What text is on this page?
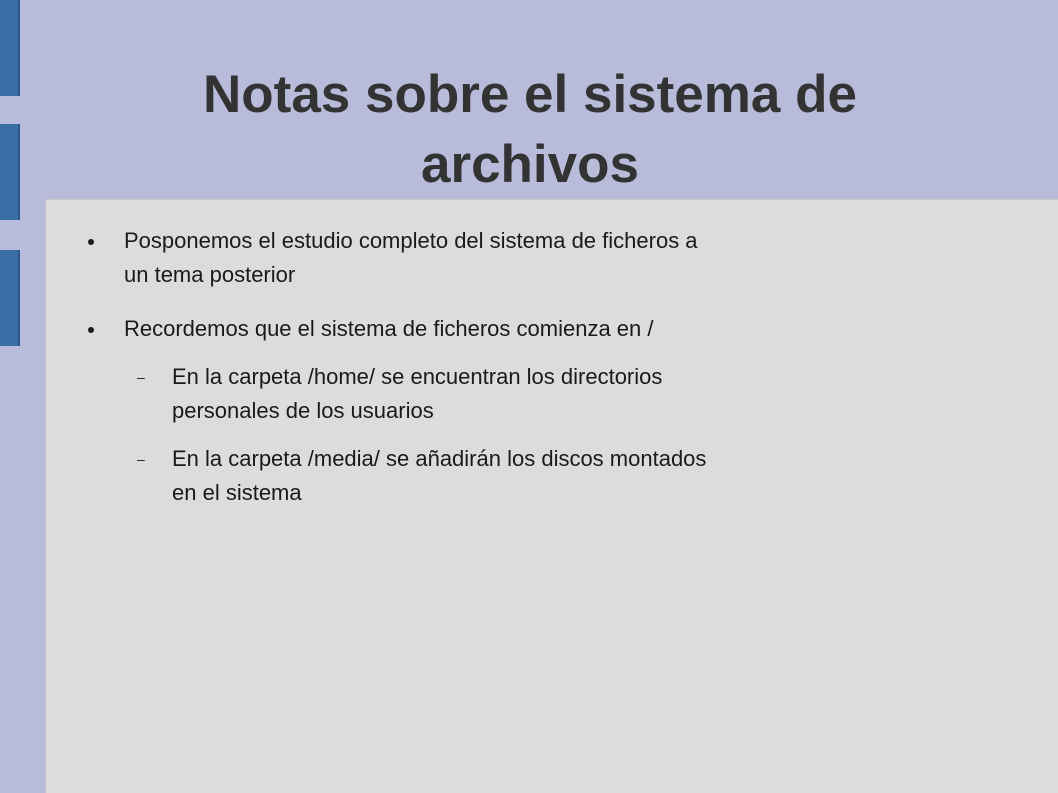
Notas sobre el sistema de
archivos
Posponemos el estudio completo del sistema de ficheros a
un tema posterior
Recordemos que el sistema de ficheros comienza en /
– En la carpeta /home/ se encuentran los directorios
personales de los usuarios
– En la carpeta /media/ se añadirán los discos montados
en el sistema
